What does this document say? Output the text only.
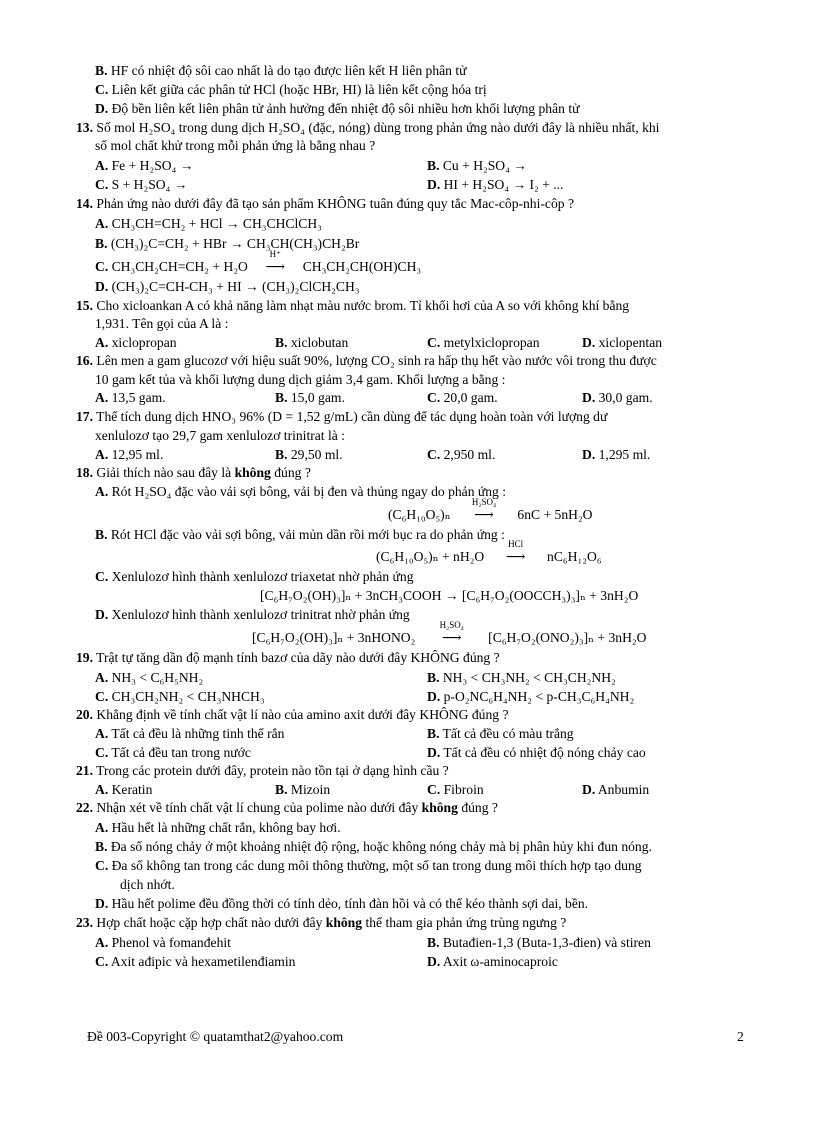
B. HF có nhiệt độ sôi cao nhất là do tạo được liên kết H liên phân tử
C. Liên kết giữa các phân tử HCl (hoặc HBr, HI) là liên kết cộng hóa trị
D. Độ bền liên kết liên phân tử ảnh hưởng đến nhiệt độ sôi nhiều hơn khối lượng phân tử
13. Số mol H₂SO₄ trong dung dịch H₂SO₄ (đặc, nóng) dùng trong phản ứng nào dưới đây là nhiều nhất, khi
số mol chất khử trong mỗi phản ứng là bằng nhau ?
A. Fe + H₂SO₄ →	B. Cu + H₂SO₄ →
C. S + H₂SO₄ →	D. HI + H₂SO₄ → I₂ + ...
14. Phản ứng nào dưới đây đã tạo sản phẩm KHÔNG tuân đúng quy tắc Mac-côp-nhi-côp ?
A. CH₃CH=CH₂ + HCl → CH₃CHClCH₃
B. (CH₃)₂C=CH₂ + HBr → CH₃CH(CH₃)CH₂Br
C. CH₃CH₂CH=CH₂ + H₂O
H⁺
⟶ CH₃CH₂CH(OH)CH₃
D. (CH₃)₂C=CH-CH₃ + HI → (CH₃)₂ClCH₂CH₃
15. Cho xicloankan A có khả năng làm nhạt màu nước brom. Tỉ khối hơi của A so với không khí bằng
1,931. Tên gọi của A là :
A. xiclopropan	B. xiclobutan	C. metylxiclopropan	D. xiclopentan
16. Lên men a gam glucozơ với hiệu suất 90%, lượng CO₂ sinh ra hấp thụ hết vào nước vôi trong thu được
10 gam kết tủa và khối lượng dung dịch giảm 3,4 gam. Khối lượng a bằng :
A. 13,5 gam.	B. 15,0 gam.	C. 20,0 gam.	D. 30,0 gam.
17. Thể tích dung dịch HNO₃ 96% (D = 1,52 g/mL) cần dùng để tác dụng hoàn toàn với lượng dư
xenlulozơ tạo 29,7 gam xenlulozơ trinitrat là :
A. 12,95 ml.	B. 29,50 ml.	C. 2,950 ml.	D. 1,295 ml.
18. Giải thích nào sau đây là không đúng ?
A. Rót H₂SO₄ đặc vào vải sợi bông, vải bị đen và thủng ngay do phản ứng :
(C₆H₁₀O₅)ₙ
H₂SO₄
⟶ 6nC + 5nH₂O
B. Rót HCl đặc vào vải sợi bông, vải mủn dần rồi mới bục ra do phản ứng :
(C₆H₁₀O₅)ₙ + nH₂O
HCl
⟶ nC₆H₁₂O₆
C. Xenlulozơ hình thành xenlulozơ triaxetat nhờ phản ứng
[C₆H₇O₂(OH)₃]ₙ + 3nCH₃COOH → [C₆H₇O₂(OOCCH₃)₃]ₙ + 3nH₂O
D. Xenlulozơ hình thành xenlulozơ trinitrat nhờ phản ứng
[C₆H₇O₂(OH)₃]ₙ + 3nHONO₂
H₂SO₄
⟶ [C₆H₇O₂(ONO₂)₃]ₙ + 3nH₂O
19. Trật tự tăng dần độ mạnh tính bazơ của dãy nào dưới đây KHÔNG đúng ?
A. NH₃ < C₆H₅NH₂	B. NH₃ < CH₃NH₂ < CH₃CH₂NH₂
C. CH₃CH₂NH₂ < CH₃NHCH₃	D. p-O₂NC₆H₄NH₂ < p-CH₃C₆H₄NH₂
20. Khẳng định về tính chất vật lí nào của amino axit dưới đây KHÔNG đúng ?
A. Tất cả đều là những tinh thể rắn	B. Tất cả đều có màu trắng
C. Tất cả đều tan trong nước	D. Tất cả đều có nhiệt độ nóng chảy cao
21. Trong các protein dưới đây, protein nào tồn tại ở dạng hình cầu ?
A. Keratin	B. Mizoin	C. Fibroin	D. Anbumin
22. Nhận xét về tính chất vật lí chung của polime nào dưới đây không đúng ?
A. Hầu hết là những chất rắn, không bay hơi.
B. Đa số nóng chảy ở một khoảng nhiệt độ rộng, hoặc không nóng chảy mà bị phân hủy khi đun nóng.
C. Đa số không tan trong các dung môi thông thường, một số tan trong dung môi thích hợp tạo dung
dịch nhớt.
D. Hầu hết polime đều đồng thời có tính dẻo, tính đàn hồi và có thể kéo thành sợi dai, bền.
23. Hợp chất hoặc cặp hợp chất nào dưới đây không thể tham gia phản ứng trùng ngưng ?
A. Phenol và fomanđehit	B. Butađien-1,3 (Buta-1,3-đien) và stiren
C. Axit ađipic và hexametilenđiamin	D. Axit ω-aminocaproic
Đề 003-Copyright © quatamthat2@yahoo.com	2
